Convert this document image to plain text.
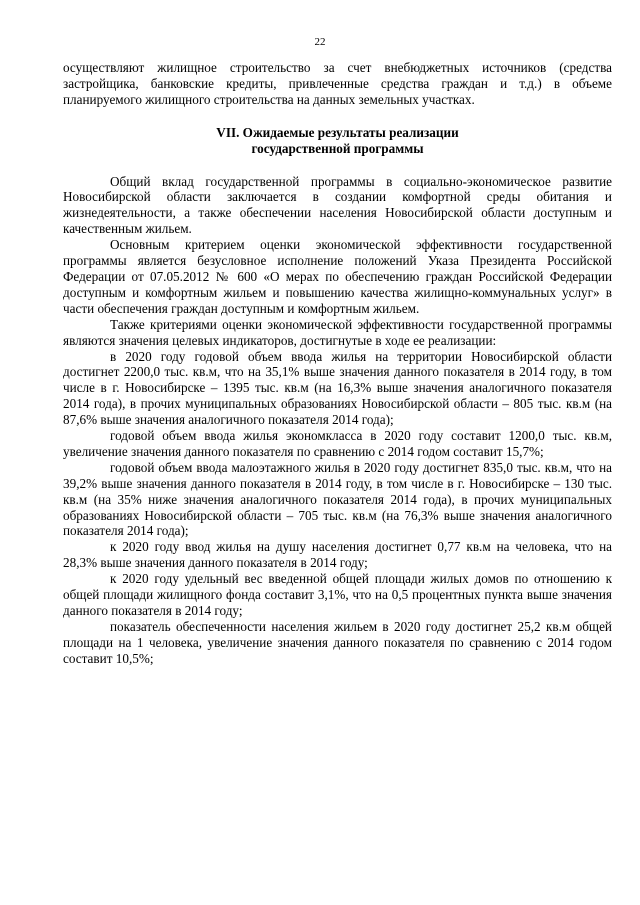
22

осуществляют жилищное строительство за счет внебюджетных источников (средства застройщика, банковские кредиты, привлеченные средства граждан и т.д.) в объеме планируемого жилищного строительства на данных земельных участках.

VII. Ожидаемые результаты реализации
государственной программы

Общий вклад государственной программы в социально-экономическое развитие Новосибирской области заключается в создании комфортной среды обитания и жизнедеятельности, а также обеспечении населения Новосибирской области доступным и качественным жильем.

Основным критерием оценки экономической эффективности государственной программы является безусловное исполнение положений Указа Президента Российской Федерации от 07.05.2012 № 600 «О мерах по обеспечению граждан Российской Федерации доступным и комфортным жильем и повышению качества жилищно-коммунальных услуг» в части обеспечения граждан доступным и комфортным жильем.

Также критериями оценки экономической эффективности государственной программы являются значения целевых индикаторов, достигнутые в ходе ее реализации:

в 2020 году годовой объем ввода жилья на территории Новосибирской области достигнет 2200,0 тыс. кв.м, что на 35,1% выше значения данного показателя в 2014 году, в том числе в г. Новосибирске – 1395 тыс. кв.м (на 16,3% выше значения аналогичного показателя 2014 года), в прочих муниципальных образованиях Новосибирской области – 805 тыс. кв.м (на 87,6% выше значения аналогичного показателя 2014 года);

годовой объем ввода жилья экономкласса в 2020 году составит 1200,0 тыс. кв.м, увеличение значения данного показателя по сравнению с 2014 годом составит 15,7%;

годовой объем ввода малоэтажного жилья в 2020 году достигнет 835,0 тыс. кв.м, что на 39,2% выше значения данного показателя в 2014 году, в том числе в г. Новосибирске – 130 тыс. кв.м (на 35% ниже значения аналогичного показателя 2014 года), в прочих муниципальных образованиях Новосибирской области – 705 тыс. кв.м (на 76,3% выше значения аналогичного показателя 2014 года);

к 2020 году ввод жилья на душу населения достигнет 0,77 кв.м на человека, что на 28,3% выше значения данного показателя в 2014 году;

к 2020 году удельный вес введенной общей площади жилых домов по отношению к общей площади жилищного фонда составит 3,1%, что на 0,5 процентных пункта выше значения данного показателя в 2014 году;

показатель обеспеченности населения жильем в 2020 году достигнет 25,2 кв.м общей площади на 1 человека, увеличение значения данного показателя по сравнению с 2014 годом составит 10,5%;
